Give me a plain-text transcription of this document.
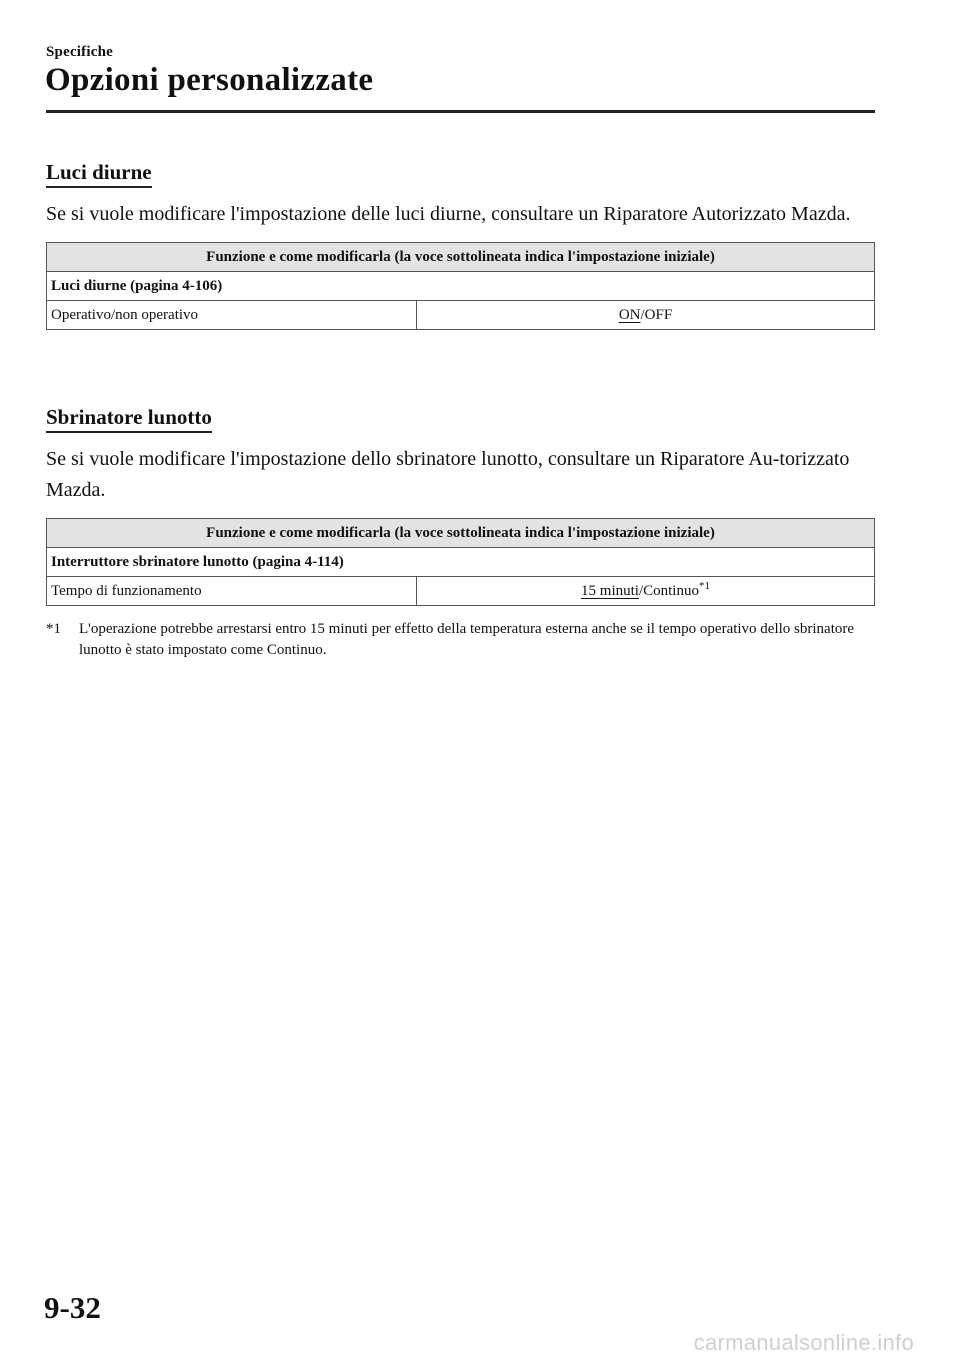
Specifiche
Opzioni personalizzate
Luci diurne

Se si vuole modificare l'impostazione delle luci diurne, consultare un Riparatore Autorizzato Mazda.

Funzione e come modificarla (la voce sottolineata indica l'impostazione iniziale)
Luci diurne (pagina 4-106)
Operativo/non operativo	ON/OFF
Sbrinatore lunotto

Se si vuole modificare l'impostazione dello sbrinatore lunotto, consultare un Riparatore Au-torizzato Mazda.

Funzione e come modificarla (la voce sottolineata indica l'impostazione iniziale)
Interruttore sbrinatore lunotto (pagina 4-114)
Tempo di funzionamento	15 minuti/Continuo$^{*1}$
*1	L'operazione potrebbe arrestarsi entro 15 minuti per effetto della temperatura esterna anche se il tempo operativo dello sbrinatore lunotto è stato impostato come Continuo.
9-32
carmanualsonline.info
